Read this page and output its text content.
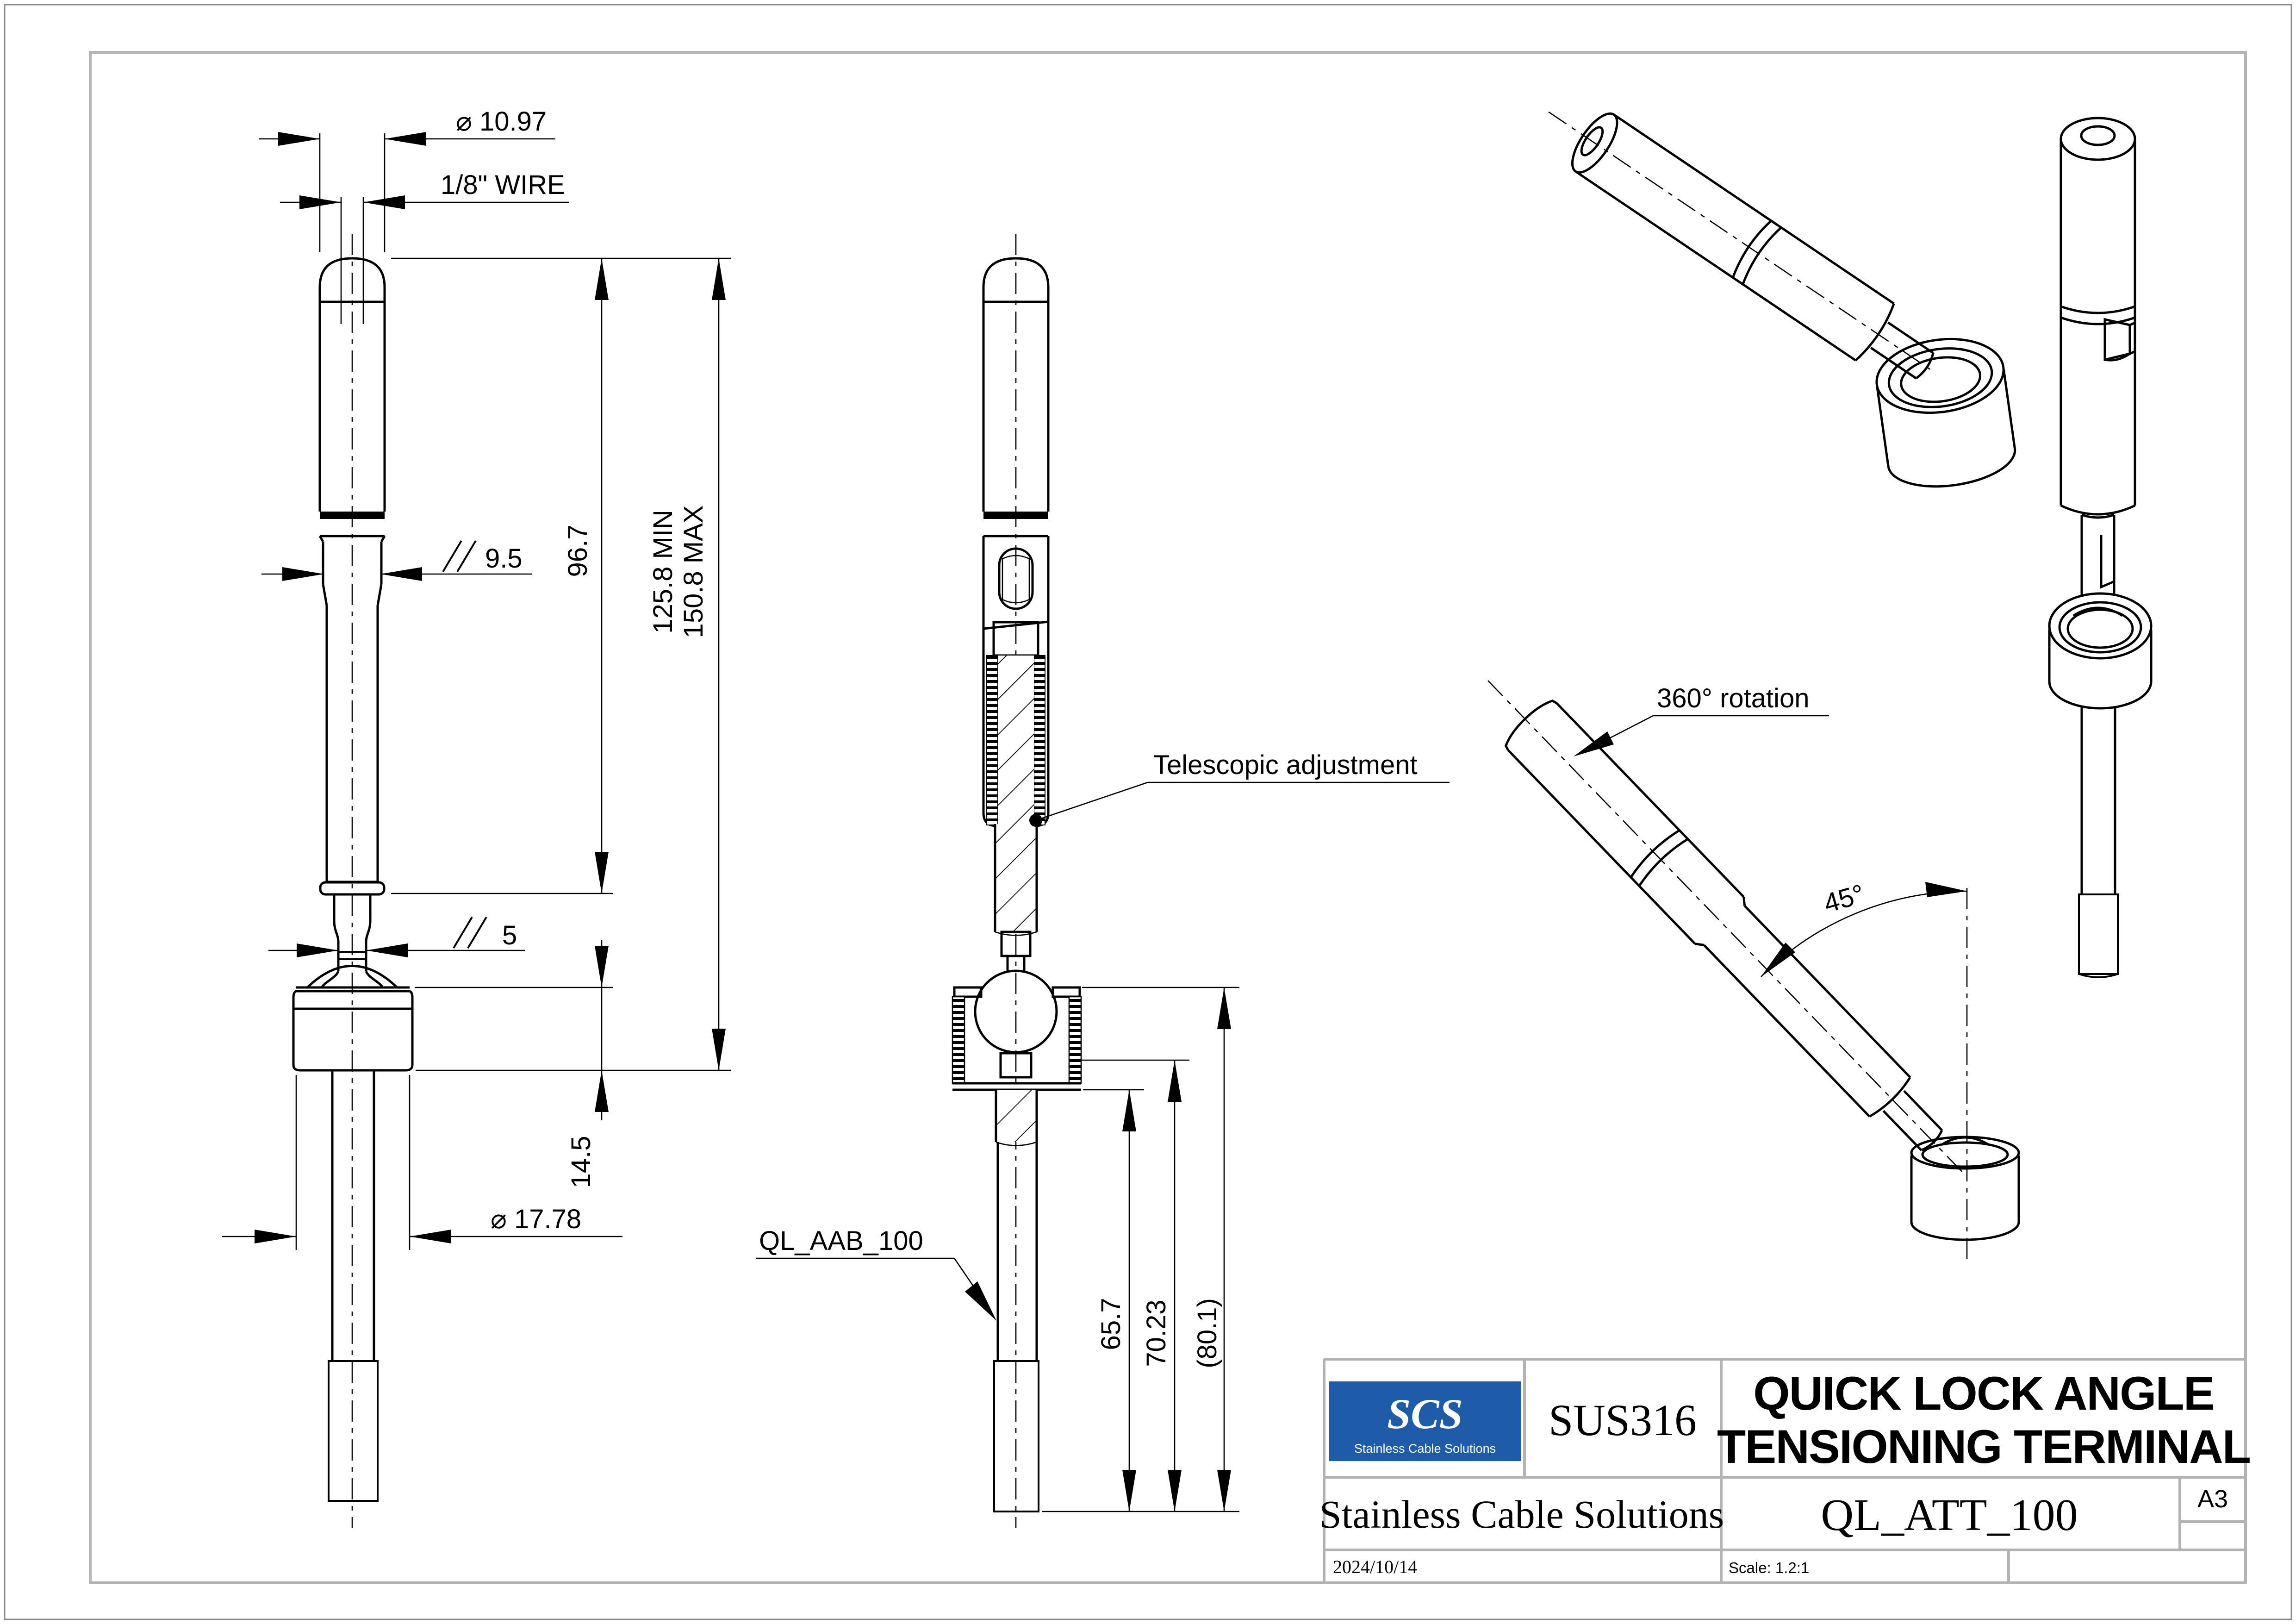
⌀ 10.97
1/8" WIRE
9.5 96.7 125.8 MIN 150.8 MAX
5
14.5
⌀ 17.78
Telescopic adjustment
QL_AAB_100
65.7 70.23 (80.1)
45°
360° rotation
SCS
Stainless Cable Solutions
SUS316
QUICK LOCK ANGLE
TENSIONING TERMINAL
Stainless Cable Solutions QL_ATT_100	A3
2024/10/14	Scale: 1.2:1
